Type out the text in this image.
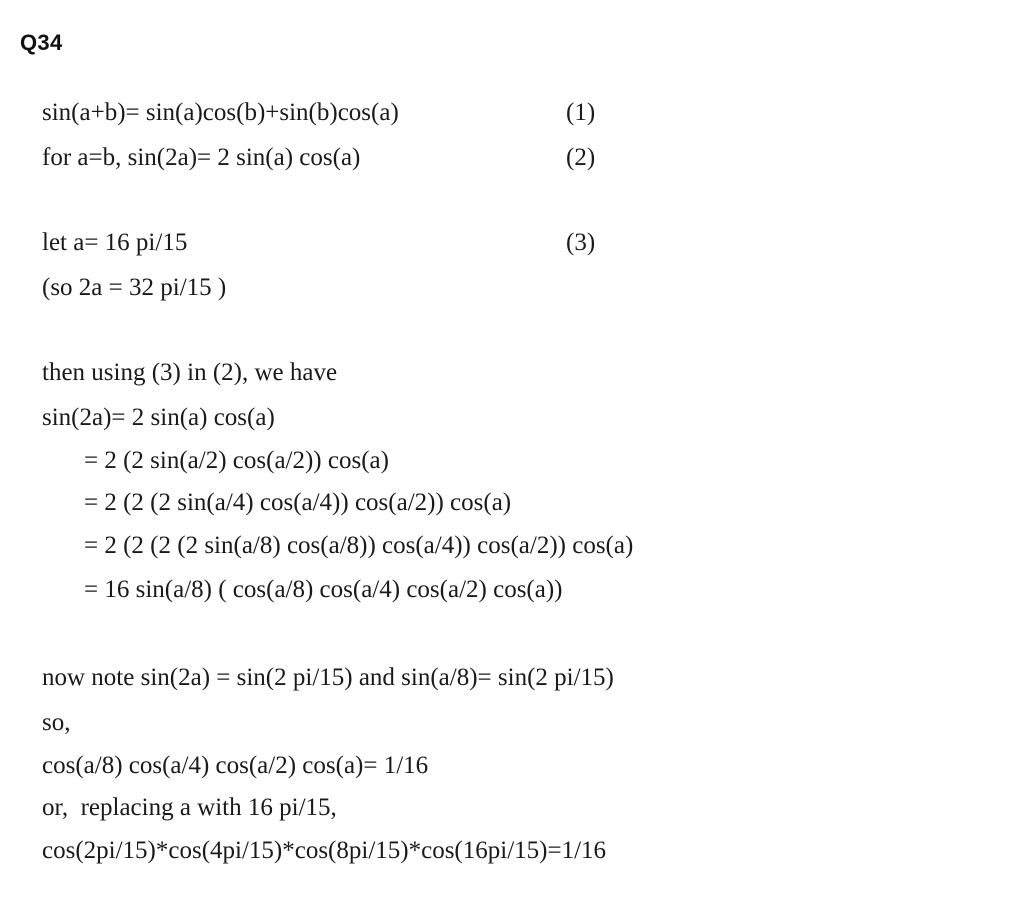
Q34
sin(a+b)= sin(a)cos(b)+sin(b)cos(a)	(1)
for a=b, sin(2a)= 2 sin(a) cos(a)	(2)
let a= 16 pi/15	(3)
(so 2a = 32 pi/15 )
then using (3) in (2), we have
sin(2a)= 2 sin(a) cos(a)
= 2 (2 sin(a/2) cos(a/2)) cos(a)
= 2 (2 (2 sin(a/4) cos(a/4)) cos(a/2)) cos(a)
= 2 (2 (2 (2 sin(a/8) cos(a/8)) cos(a/4)) cos(a/2)) cos(a)
= 16 sin(a/8) ( cos(a/8) cos(a/4) cos(a/2) cos(a))
now note sin(2a) = sin(2 pi/15) and sin(a/8)= sin(2 pi/15)
so,
cos(a/8) cos(a/4) cos(a/2) cos(a)= 1/16
or,  replacing a with 16 pi/15,
cos(2pi/15)*cos(4pi/15)*cos(8pi/15)*cos(16pi/15)=1/16
